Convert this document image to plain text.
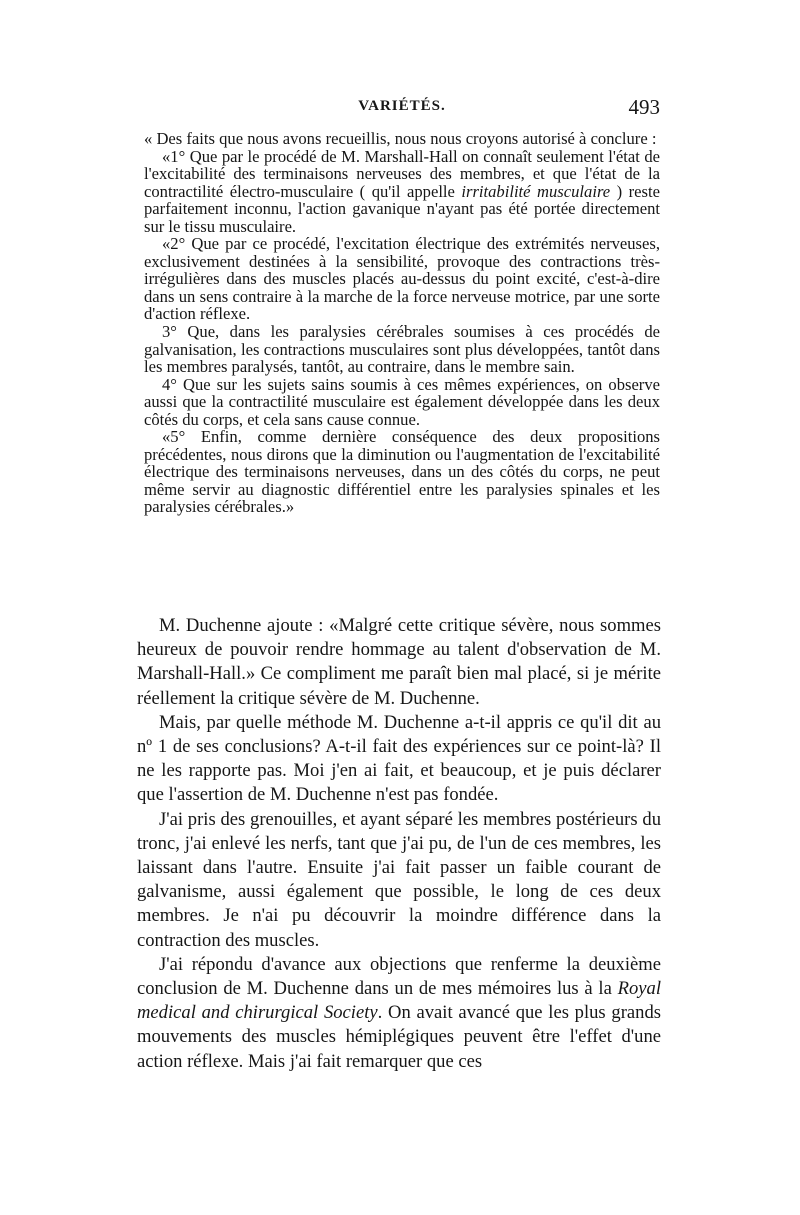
VARIÉTÉS.	493

« Des faits que nous avons recueillis, nous nous croyons autorisé à conclure :

«1° Que par le procédé de M. Marshall-Hall on connaît seulement l'état de l'excitabilité des terminaisons nerveuses des membres, et que l'état de la contractilité électro-musculaire ( qu'il appelle irritabilité musculaire ) reste parfaitement inconnu, l'action gavanique n'ayant pas été portée directement sur le tissu musculaire.

«2° Que par ce procédé, l'excitation électrique des extrémités nerveuses, exclusivement destinées à la sensibilité, provoque des contractions très-irrégulières dans des muscles placés au-dessus du point excité, c'est-à-dire dans un sens contraire à la marche de la force nerveuse motrice, par une sorte d'action réflexe.

3° Que, dans les paralysies cérébrales soumises à ces procédés de galvanisation, les contractions musculaires sont plus développées, tantôt dans les membres paralysés, tantôt, au contraire, dans le membre sain.

4° Que sur les sujets sains soumis à ces mêmes expériences, on observe aussi que la contractilité musculaire est également développée dans les deux côtés du corps, et cela sans cause connue.

«5° Enfin, comme dernière conséquence des deux propositions précédentes, nous dirons que la diminution ou l'augmentation de l'excitabilité électrique des terminaisons nerveuses, dans un des côtés du corps, ne peut même servir au diagnostic différentiel entre les paralysies spinales et les paralysies cérébrales.»

M. Duchenne ajoute : «Malgré cette critique sévère, nous sommes heureux de pouvoir rendre hommage au talent d'observation de M. Marshall-Hall.» Ce compliment me paraît bien mal placé, si je mérite réellement la critique sévère de M. Duchenne.

Mais, par quelle méthode M. Duchenne a-t-il appris ce qu'il dit au nº 1 de ses conclusions? A-t-il fait des expériences sur ce point-là? Il ne les rapporte pas. Moi j'en ai fait, et beaucoup, et je puis déclarer que l'assertion de M. Duchenne n'est pas fondée.

J'ai pris des grenouilles, et ayant séparé les membres postérieurs du tronc, j'ai enlevé les nerfs, tant que j'ai pu, de l'un de ces membres, les laissant dans l'autre. Ensuite j'ai fait passer un faible courant de galvanisme, aussi également que possible, le long de ces deux membres. Je n'ai pu découvrir la moindre différence dans la contraction des muscles.

J'ai répondu d'avance aux objections que renferme la deuxième conclusion de M. Duchenne dans un de mes mémoires lus à la Royal medical and chirurgical Society. On avait avancé que les plus grands mouvements des muscles hémiplégiques peuvent être l'effet d'une action réflexe. Mais j'ai fait remarquer que ces
